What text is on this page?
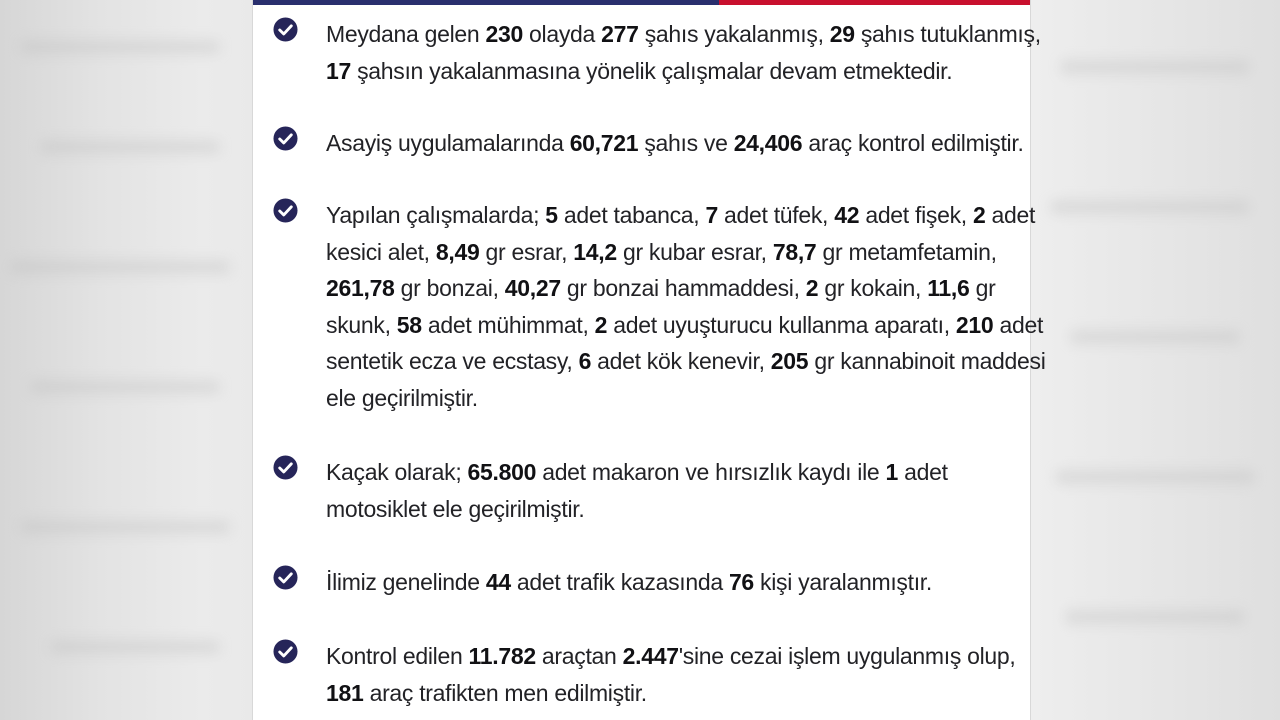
Meydana gelen 230 olayda 277 şahıs yakalanmış, 29 şahıs tutuklanmış,
17 şahsın yakalanmasına yönelik çalışmalar devam etmektedir.
Asayiş uygulamalarında 60,721 şahıs ve 24,406 araç kontrol edilmiştir.
Yapılan çalışmalarda; 5 adet tabanca, 7 adet tüfek, 42 adet fişek, 2 adet
kesici alet, 8,49 gr esrar, 14,2 gr kubar esrar, 78,7 gr metamfetamin,
261,78 gr bonzai, 40,27 gr bonzai hammaddesi, 2 gr kokain, 11,6 gr
skunk, 58 adet mühimmat, 2 adet uyuşturucu kullanma aparatı, 210 adet
sentetik ecza ve ecstasy, 6 adet kök kenevir, 205 gr kannabinoit maddesi
ele geçirilmiştir.
Kaçak olarak; 65.800 adet makaron ve hırsızlık kaydı ile 1 adet
motosiklet ele geçirilmiştir.
İlimiz genelinde 44 adet trafik kazasında 76 kişi yaralanmıştır.
Kontrol edilen 11.782 araçtan 2.447'sine cezai işlem uygulanmış olup,
181 araç trafikten men edilmiştir.
